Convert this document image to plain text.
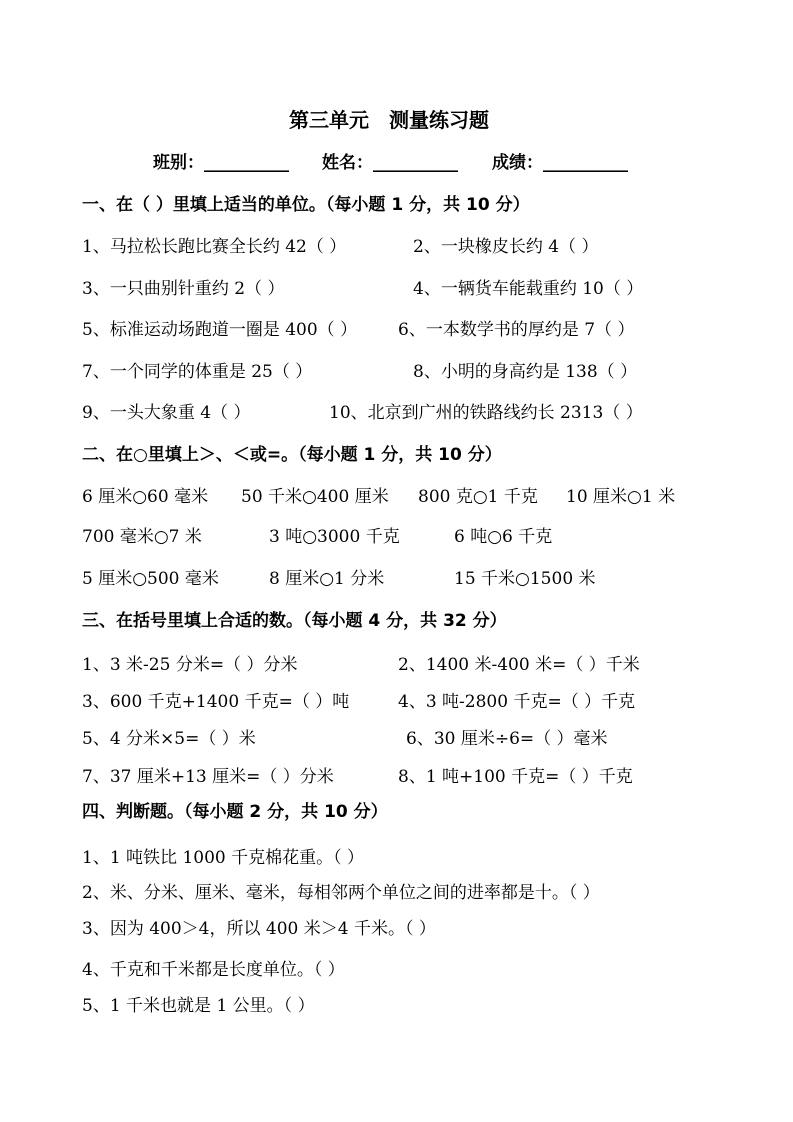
第三单元　测量练习题
班别：__________ 姓名：__________ 成绩：__________
一、在（ ）里填上适当的单位。（每小题 1 分，共 10 分）
1、马拉松长跑比赛全长约 42（ ）	2、一块橡皮长约 4（ ）
3、一只曲别针重约 2（ ）	4、一辆货车能载重约 10（ ）
5、标准运动场跑道一圈是 400（ ） 6、一本数学书的厚约是 7（ ）
7、一个同学的体重是 25（ ）	8、小明的身高约是 138（ ）
9、一头大象重 4（ ）	10、北京到广州的铁路线约长 2313（ ）
二、在○里填上＞、＜或=。（每小题 1 分，共 10 分）
6 厘米○60 毫米 50 千米○400 厘米 800 克○1 千克 10 厘米○1 米
700 毫米○7 米	3 吨○3000 千克	6 吨○6 千克
5 厘米○500 毫米	8 厘米○1 分米	15 千米○1500 米
三、在括号里填上合适的数。（每小题 4 分，共 32 分）
1、3 米-25 分米=（ ）分米	2、1400 米-400 米=（ ）千米
3、600 千克+1400 千克=（ ）吨	4、3 吨-2800 千克=（ ）千克
5、4 分米×5=（ ）米	6、30 厘米÷6=（ ）毫米
7、37 厘米+13 厘米=（ ）分米	8、1 吨+100 千克=（ ）千克
四、判断题。（每小题 2 分，共 10 分）
1、1 吨铁比 1000 千克棉花重。（ ）
2、米、分米、厘米、毫米，每相邻两个单位之间的进率都是十。（ ）
3、因为 400＞4，所以 400 米＞4 千米。（ ）
4、千克和千米都是长度单位。（ ）
5、1 千米也就是 1 公里。（ ）
